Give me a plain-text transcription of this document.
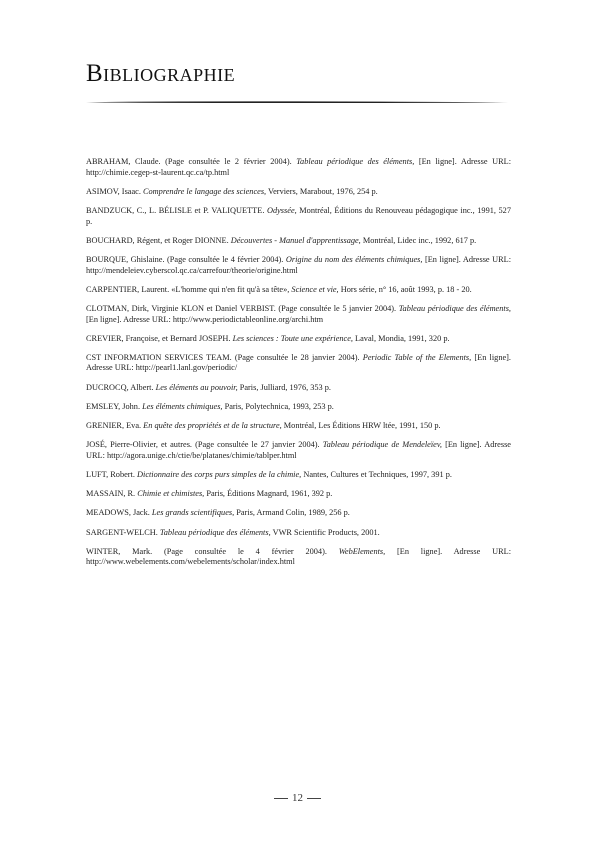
Bibliographie

ABRAHAM, Claude. (Page consultée le 2 février 2004). Tableau périodique des éléments, [En ligne]. Adresse URL: http://chimie.cegep-st-laurent.qc.ca/tp.html

ASIMOV, Isaac. Comprendre le langage des sciences, Verviers, Marabout, 1976, 254 p.

BANDZUCK, C., L. BÉLISLE et P. VALIQUETTE. Odyssée, Montréal, Éditions du Renouveau pédagogique inc., 1991, 527 p.

BOUCHARD, Régent, et Roger DIONNE. Découvertes - Manuel d'apprentissage, Montréal, Lidec inc., 1992, 617 p.

BOURQUE, Ghislaine. (Page consultée le 4 février 2004). Origine du nom des éléments chimiques, [En ligne]. Adresse URL: http://mendeleiev.cyberscol.qc.ca/carrefour/theorie/origine.html

CARPENTIER, Laurent. «L'homme qui n'en fit qu'à sa tête», Science et vie, Hors série, n° 16, août 1993, p. 18 - 20.

CLOTMAN, Dirk, Virginie KLON et Daniel VERBIST. (Page consultée le 5 janvier 2004). Tableau périodique des éléments, [En ligne]. Adresse URL: http://www.periodictableonline.org/archi.htm

CREVIER, Françoise, et Bernard JOSEPH. Les sciences : Toute une expérience, Laval, Mondia, 1991, 320 p.

CST INFORMATION SERVICES TEAM. (Page consultée le 28 janvier 2004). Periodic Table of the Elements, [En ligne]. Adresse URL: http://pearl1.lanl.gov/periodic/

DUCROCQ, Albert. Les éléments au pouvoir, Paris, Julliard, 1976, 353 p.

EMSLEY, John. Les éléments chimiques, Paris, Polytechnica, 1993, 253 p.

GRENIER, Eva. En quête des propriétés et de la structure, Montréal, Les Éditions HRW ltée, 1991, 150 p.

JOSÉ, Pierre-Olivier, et autres. (Page consultée le 27 janvier 2004). Tableau périodique de Mendeleïev, [En ligne]. Adresse URL: http://agora.unige.ch/ctie/be/platanes/chimie/tablper.html

LUFT, Robert. Dictionnaire des corps purs simples de la chimie, Nantes, Cultures et Techniques, 1997, 391 p.

MASSAIN, R. Chimie et chimistes, Paris, Éditions Magnard, 1961, 392 p.

MEADOWS, Jack. Les grands scientifiques, Paris, Armand Colin, 1989, 256 p.

SARGENT-WELCH. Tableau périodique des éléments, VWR Scientific Products, 2001.

WINTER, Mark. (Page consultée le 4 février 2004). WebElements, [En ligne]. Adresse URL: http://www.webelements.com/webelements/scholar/index.html

12
